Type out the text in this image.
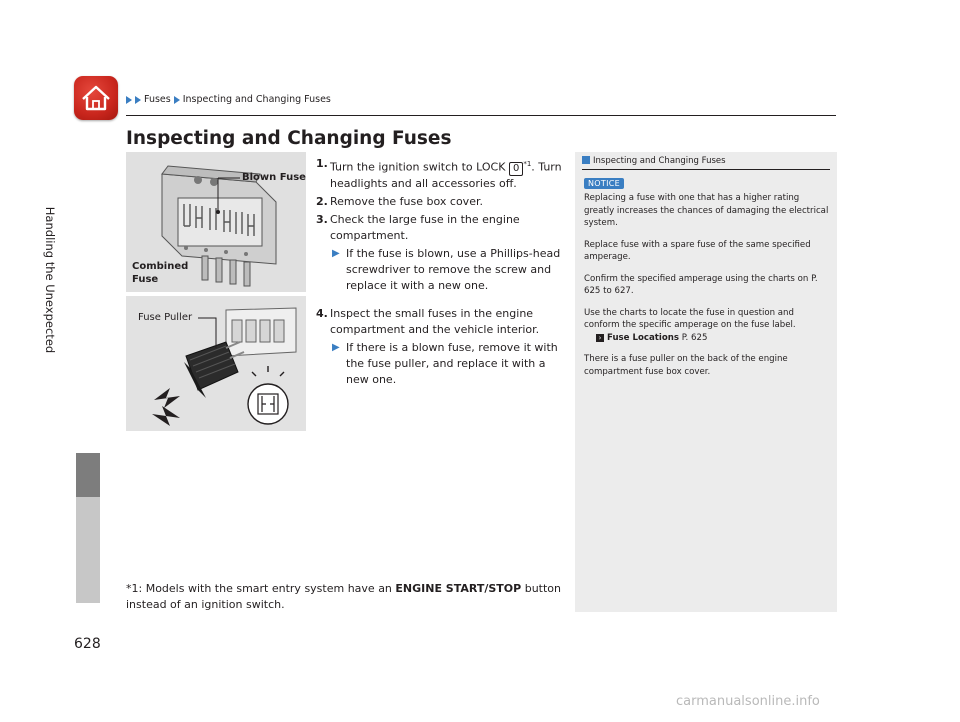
Handling the Unexpected
Fuses Inspecting and Changing Fuses
Inspecting and Changing Fuses
Blown Fuse
Combined
Fuse
Fuse Puller
1. Turn the ignition switch to LOCK 0 $^{*1}$. Turn headlights and all accessories off.
2. Remove the fuse box cover.
3. Check the large fuse in the engine compartment.
▶ If the fuse is blown, use a Phillips-head screwdriver to remove the screw and replace it with a new one.
4. Inspect the small fuses in the engine compartment and the vehicle interior.
▶ If there is a blown fuse, remove it with the fuse puller, and replace it with a new one.
Inspecting and Changing Fuses
NOTICE

Replacing a fuse with one that has a higher rating greatly increases the chances of damaging the electrical system.

Replace fuse with a spare fuse of the same specified amperage.

Confirm the specified amperage using the charts on P. 625 to 627.

Use the charts to locate the fuse in question and conform the specific amperage on the fuse label.

› Fuse Locations P. 625

There is a fuse puller on the back of the engine compartment fuse box cover.

*1: Models with the smart entry system have an ENGINE START/STOP button instead of an ignition switch.
628
carmanualsonline.info
